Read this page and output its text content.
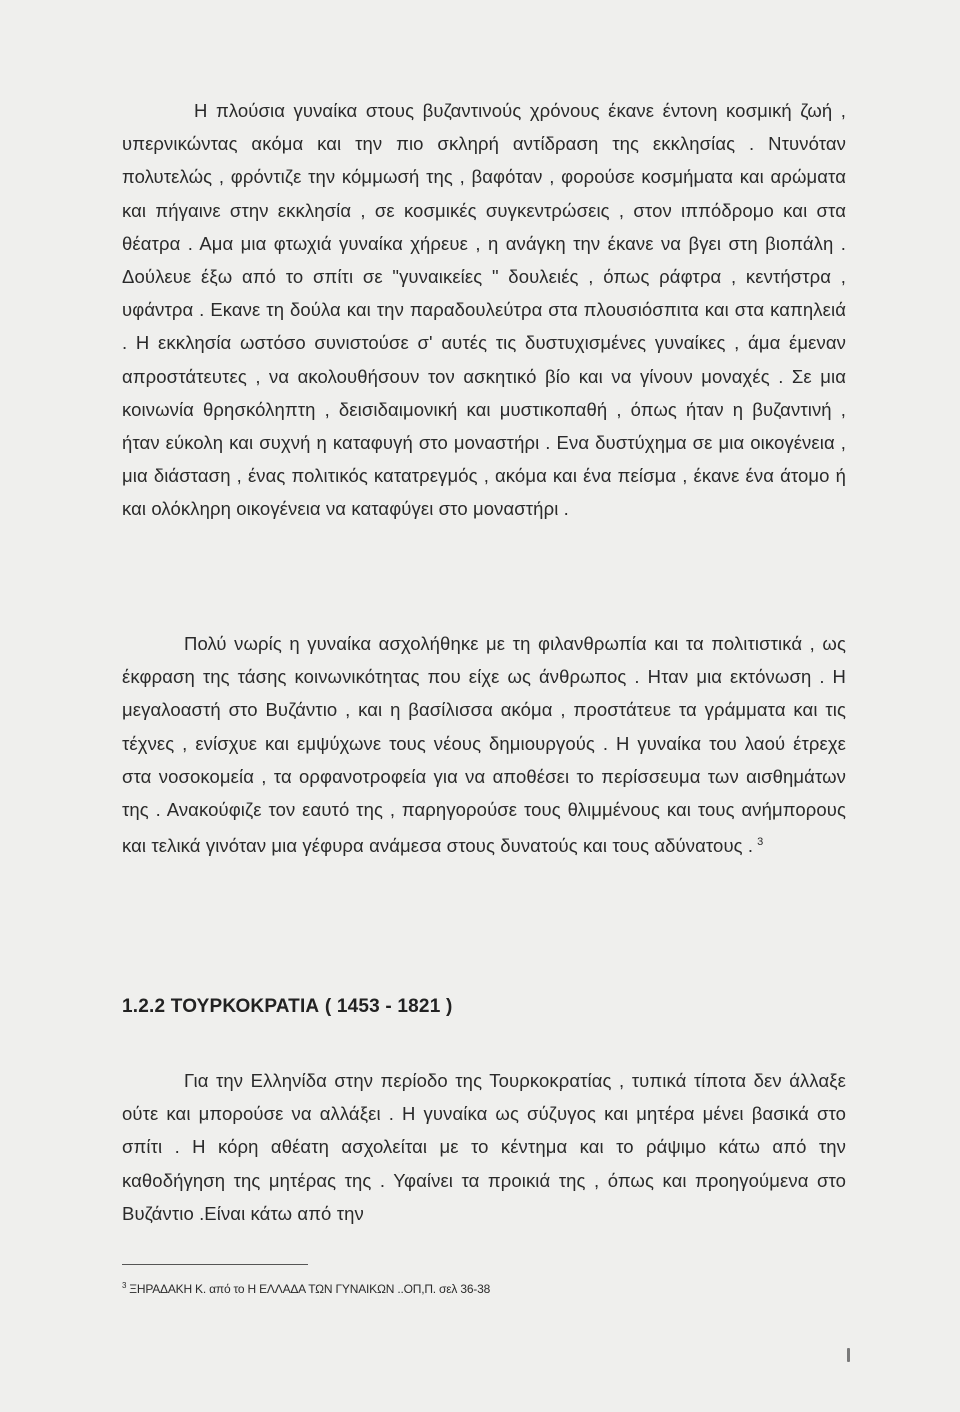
Η πλούσια γυναίκα στους βυζαντινούς χρόνους έκανε έντονη κοσμική ζωή , υπερνικώντας ακόμα και την πιο σκληρή αντίδραση της εκκλησίας . Ντυνόταν πολυτελώς , φρόντιζε την κόμμωσή της , βαφόταν , φορούσε κοσμήματα και αρώματα και πήγαινε στην εκκλησία , σε κοσμικές συγκεντρώσεις , στον ιππόδρομο και στα θέατρα . Αμα μια φτωχιά γυναίκα χήρευε , η ανάγκη την έκανε να βγει στη βιοπάλη . Δούλευε έξω από το σπίτι σε "γυναικείες " δουλειές , όπως ράφτρα , κεντήστρα , υφάντρα . Εκανε τη δούλα και την παραδουλεύτρα στα πλουσιόσπιτα και στα καπηλειά . Η εκκλησία ωστόσο συνιστούσε σ' αυτές τις δυστυχισμένες γυναίκες , άμα έμεναν απροστάτευτες , να ακολουθήσουν τον ασκητικό βίο και να γίνουν μοναχές . Σε μια κοινωνία θρησκόληπτη , δεισιδαιμονική και μυστικοπαθή , όπως ήταν η βυζαντινή , ήταν εύκολη και συχνή η καταφυγή στο μοναστήρι . Ενα δυστύχημα σε μια οικογένεια , μια διάσταση , ένας πολιτικός κατατρεγμός , ακόμα και ένα πείσμα , έκανε ένα άτομο ή και ολόκληρη οικογένεια να καταφύγει στο μοναστήρι .

Πολύ νωρίς η γυναίκα ασχολήθηκε με τη φιλανθρωπία και τα πολιτιστικά , ως έκφραση της τάσης κοινωνικότητας που είχε ως άνθρωπος . Ηταν μια εκτόνωση . Η μεγαλοαστή στο Βυζάντιο , και η βασίλισσα ακόμα , προστάτευε τα γράμματα και τις τέχνες , ενίσχυε και εμψύχωνε τους νέους δημιουργούς . Η γυναίκα του λαού έτρεχε στα νοσοκομεία , τα ορφανοτροφεία για να αποθέσει το περίσσευμα των αισθημάτων της . Ανακούφιζε τον εαυτό της , παρηγορούσε τους θλιμμένους και τους ανήμπορους και τελικά γινόταν μια γέφυρα ανάμεσα στους δυνατούς και τους αδύνατους . $^3$

1.2.2 ΤΟΥΡΚΟΚΡΑΤΙΑ ( 1453 - 1821 )

Για την Ελληνίδα στην περίοδο της Τουρκοκρατίας , τυπικά τίποτα δεν άλλαξε ούτε και μπορούσε να αλλάξει . Η γυναίκα ως σύζυγος και μητέρα μένει βασικά στο σπίτι . Η κόρη αθέατη ασχολείται με το κέντημα και το ράψιμο κάτω από την καθοδήγηση της μητέρας της . Υφαίνει τα προικιά της , όπως και προηγούμενα στο Βυζάντιο .Είναι κάτω από την

$^3$ ΞΗΡΑΔΑΚΗ Κ. από το Η ΕΛΛΑΔΑ ΤΩΝ ΓΥΝΑΙΚΩΝ ..ΟΠ,Π. σελ 36-38
